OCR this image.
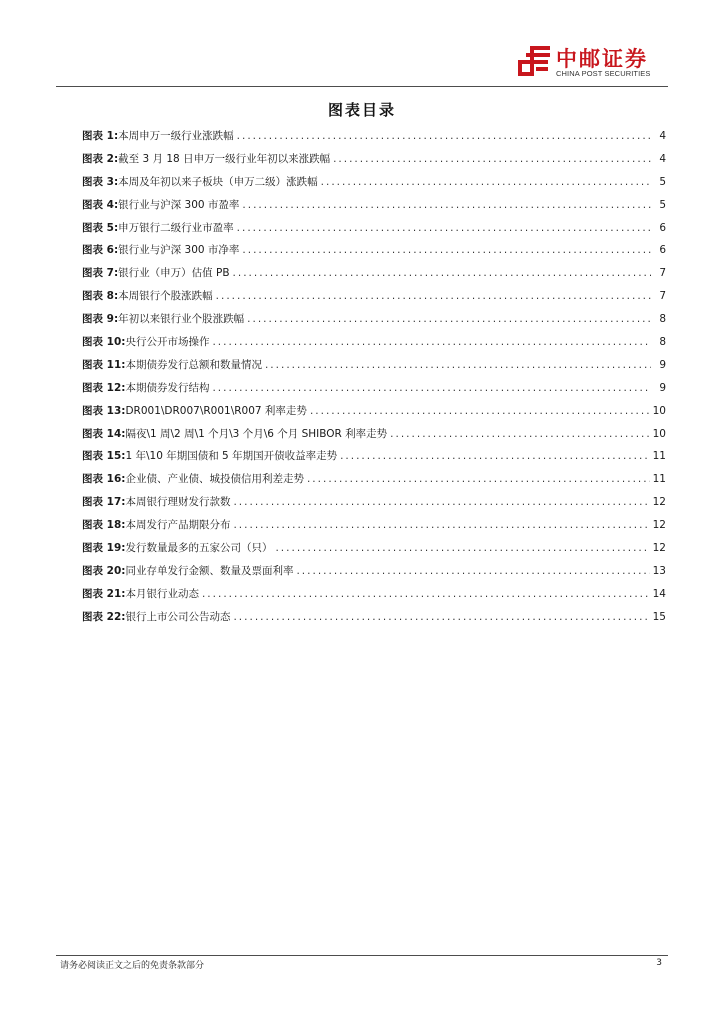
中邮证券
CHINA POST SECURITIES
图表目录
图表 1: 本周申万一级行业涨跌幅 .....	4
图表 2: 截至 3 月 18 日申万一级行业年初以来涨跌幅 .....	4
图表 3: 本周及年初以来子板块（申万二级）涨跌幅 .....	5
图表 4: 银行业与沪深 300 市盈率 .....	5
图表 5: 申万银行二级行业市盈率 .....	6
图表 6: 银行业与沪深 300 市净率 .....	6
图表 7: 银行业（申万）估值 PB .....	7
图表 8: 本周银行个股涨跌幅 .....	7
图表 9: 年初以来银行业个股涨跌幅 .....	8
图表 10: 央行公开市场操作 .....	8
图表 11: 本期债券发行总额和数量情况 .....	9
图表 12: 本期债券发行结构 .....	9
图表 13: DR001\DR007\R001\R007 利率走势 .....	10
图表 14: 隔夜\1 周\2 周\1 个月\3 个月\6 个月 SHIBOR 利率走势 .....	10
图表 15: 1 年\10 年期国债和 5 年期国开债收益率走势 .....	11
图表 16: 企业债、产业债、城投债信用利差走势 .....	11
图表 17: 本周银行理财发行款数 .....	12
图表 18: 本周发行产品期限分布 .....	12
图表 19: 发行数量最多的五家公司（只） .....	12
图表 20: 同业存单发行金额、数量及票面利率 .....	13
图表 21: 本月银行业动态 .....	14
图表 22: 银行上市公司公告动态 .....	15
请务必阅读正文之后的免责条款部分	3
